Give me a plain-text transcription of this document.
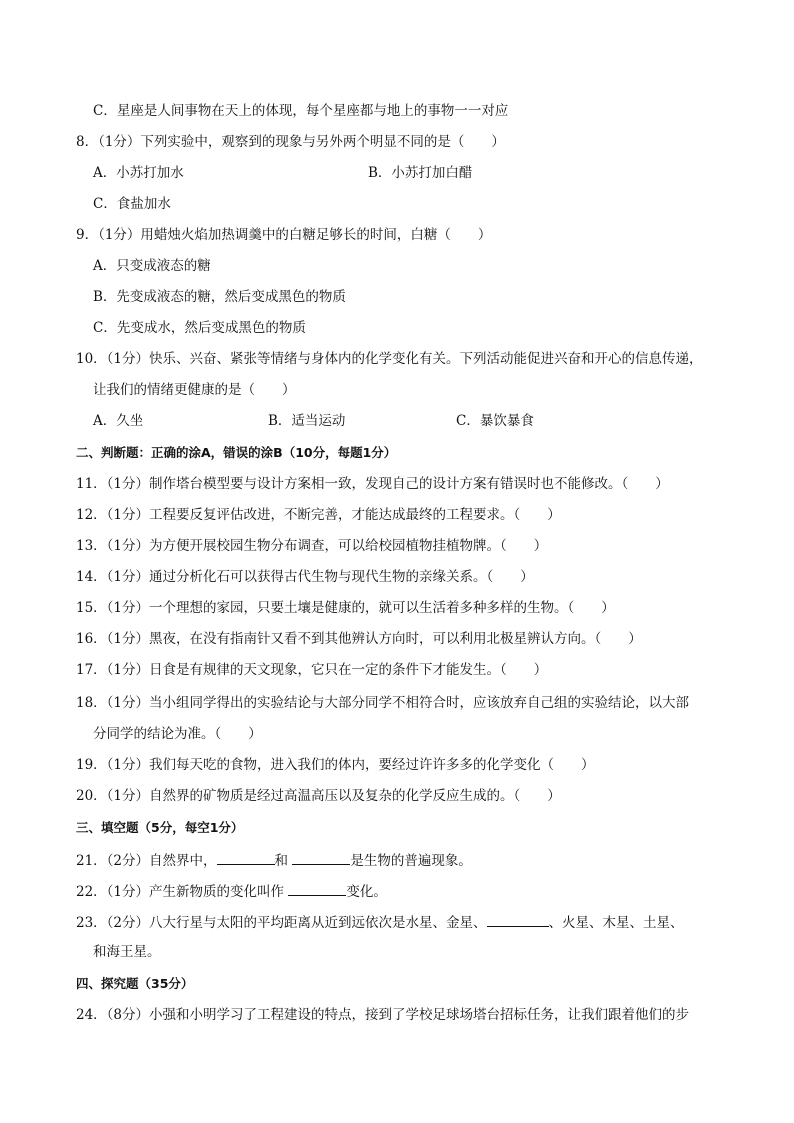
C．星座是人间事物在天上的体现，每个星座都与地上的事物一一对应
8．（1分）下列实验中，观察到的现象与另外两个明显不同的是（　　）
A．小苏打加水	B．小苏打加白醋
C．食盐加水
9．（1分）用蜡烛火焰加热调羹中的白糖足够长的时间，白糖（　　）
A．只变成液态的糖
B．先变成液态的糖，然后变成黑色的物质
C．先变成水，然后变成黑色的物质
10．（1分）快乐、兴奋、紧张等情绪与身体内的化学变化有关。下列活动能促进兴奋和开心的信息传递，
让我们的情绪更健康的是（　　）
A．久坐	B．适当运动	C．暴饮暴食
二、判断题：正确的涂A，错误的涂B（10分，每题1分）
11．（1分）制作塔台模型要与设计方案相一致，发现自己的设计方案有错误时也不能修改。（　　）
12．（1分）工程要反复评估改进，不断完善，才能达成最终的工程要求。（　　）
13．（1分）为方便开展校园生物分布调查，可以给校园植物挂植物牌。（　　）
14．（1分）通过分析化石可以获得古代生物与现代生物的亲缘关系。（　　）
15．（1分）一个理想的家园，只要土壤是健康的，就可以生活着多种多样的生物。（　　）
16．（1分）黑夜，在没有指南针又看不到其他辨认方向时，可以利用北极星辨认方向。（　　）
17．（1分）日食是有规律的天文现象，它只在一定的条件下才能发生。（　　）
18．（1分）当小组同学得出的实验结论与大部分同学不相符合时，应该放弃自己组的实验结论，以大部
分同学的结论为准。（　　）
19．（1分）我们每天吃的食物，进入我们的体内，要经过许许多多的化学变化（　　）
20．（1分）自然界的矿物质是经过高温高压以及复杂的化学反应生成的。（　　）
三、填空题（5分，每空1分）
21．（2分）自然界中，	和	是生物的普遍现象。
22．（1分）产生新物质的变化叫作	变化。
23．（2分）八大行星与太阳的平均距离从近到远依次是水星、金星、	、火星、木星、土星、
和海王星。
四、探究题（35分）
24．（8分）小强和小明学习了工程建设的特点，接到了学校足球场塔台招标任务，让我们跟着他们的步
